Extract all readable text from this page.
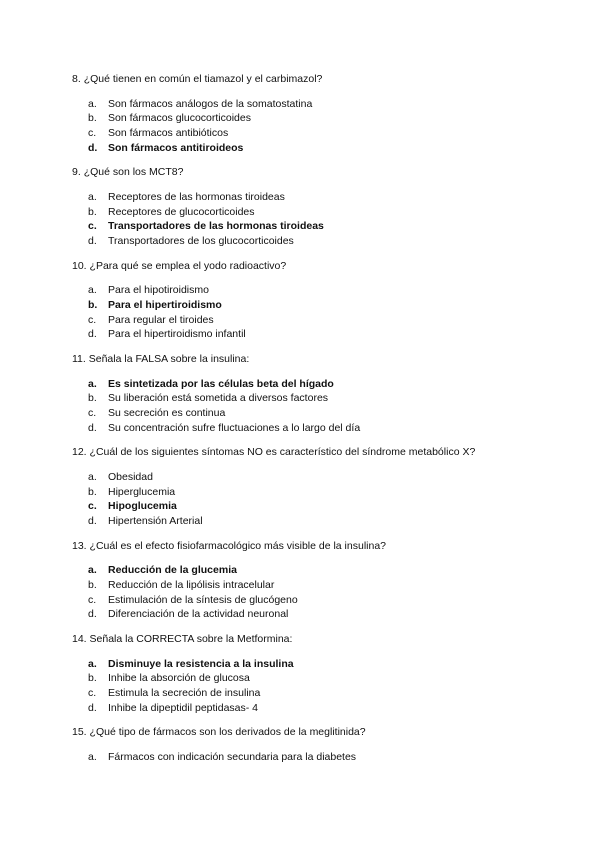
8. ¿Qué tienen en común el tiamazol y el carbimazol?
a. Son fármacos análogos de la somatostatina
b. Son fármacos glucocorticoides
c. Son fármacos antibióticos
d. Son fármacos antitiroideos
9. ¿Qué son los MCT8?
a. Receptores de las hormonas tiroideas
b. Receptores de glucocorticoides
c. Transportadores de las hormonas tiroideas
d. Transportadores de los glucocorticoides
10. ¿Para qué se emplea el yodo radioactivo?
a. Para el hipotiroidismo
b. Para el hipertiroidismo
c. Para regular el tiroides
d. Para el hipertiroidismo infantil
11. Señala la FALSA sobre la insulina:
a. Es sintetizada por las células beta del hígado
b. Su liberación está sometida a diversos factores
c. Su secreción es continua
d. Su concentración sufre fluctuaciones a lo largo del día
12. ¿Cuál de los siguientes síntomas NO es característico del síndrome metabólico X?
a. Obesidad
b. Hiperglucemia
c. Hipoglucemia
d. Hipertensión Arterial
13. ¿Cuál es el efecto fisiofarmacológico más visible de la insulina?
a. Reducción de la glucemia
b. Reducción de la lipólisis intracelular
c. Estimulación de la síntesis de glucógeno
d. Diferenciación de la actividad neuronal
14. Señala la CORRECTA sobre la Metformina:
a. Disminuye la resistencia a la insulina
b. Inhibe la absorción de glucosa
c. Estimula la secreción de insulina
d. Inhibe la dipeptidil peptidasas- 4
15. ¿Qué tipo de fármacos son los derivados de la meglitinida?
a. Fármacos con indicación secundaria para la diabetes
